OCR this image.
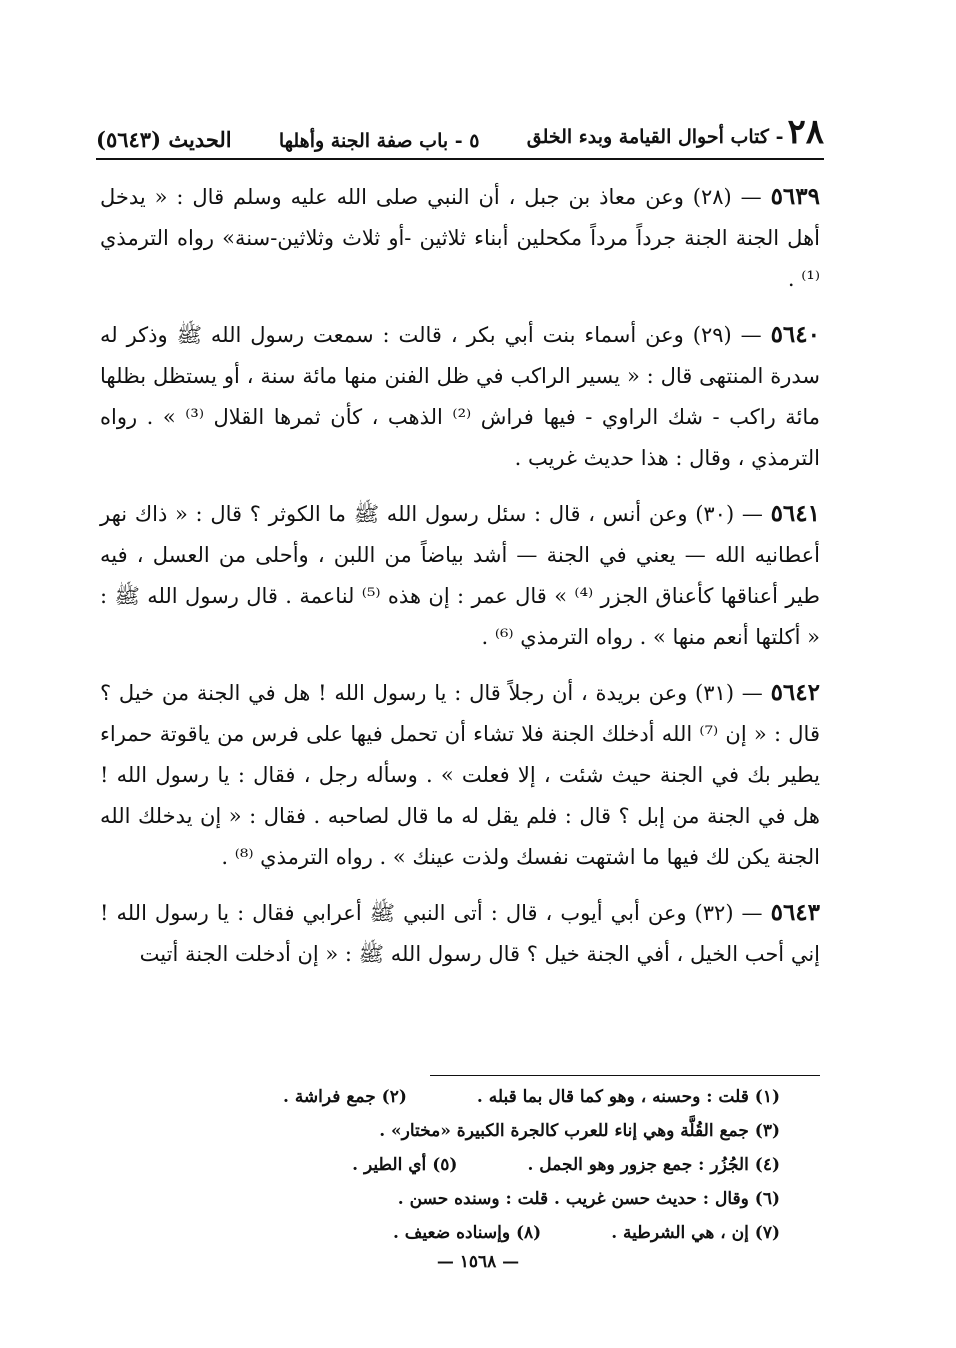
٢٨- كتاب أحوال القيامة وبدء الخلق
٥ - باب صفة الجنة وأهلها
الحديث (٥٦٤٣)

٥٦٣٩ — (٢٨) وعن معاذ بن جبل ، أن النبي صلى الله عليه وسلم قال : « يدخل أهل الجنة الجنة جرداً مرداً مكحلين أبناء ثلاثين -أو ثلاث وثلاثين-سنة» رواه الترمذي ⁽¹⁾ .

٥٦٤٠ — (٢٩) وعن أسماء بنت أبي بكر ، قالت : سمعت رسول الله ﷺ وذكر له سدرة المنتهى قال : « يسير الراكب في ظل الفنن منها مائة سنة ، أو يستظل بظلها مائة راكب - شك الراوي - فيها فراش ⁽²⁾ الذهب ، كأن ثمرها القلال ⁽³⁾ » . رواه الترمذي ، وقال : هذا حديث غريب .

٥٦٤١ — (٣٠) وعن أنس ، قال : سئل رسول الله ﷺ ما الكوثر ؟ قال : « ذاك نهر أعطانيه الله — يعني في الجنة — أشد بياضاً من اللبن ، وأحلى من العسل ، فيه طير أعناقها كأعناق الجزر ⁽⁴⁾ » قال عمر : إن هذه ⁽⁵⁾ لناعمة . قال رسول الله ﷺ : « أكلتها أنعم منها » . رواه الترمذي ⁽⁶⁾ .

٥٦٤٢ — (٣١) وعن بريدة ، أن رجلاً قال : يا رسول الله ! هل في الجنة من خيل ؟ قال : « إن ⁽⁷⁾ الله أدخلك الجنة فلا تشاء أن تحمل فيها على فرس من ياقوتة حمراء يطير بك في الجنة حيث شئت ، إلا فعلت » . وسأله رجل ، فقال : يا رسول الله ! هل في الجنة من إبل ؟ قال : فلم يقل له ما قال لصاحبه . فقال : « إن يدخلك الله الجنة يكن لك فيها ما اشتهت نفسك ولذت عينك » . رواه الترمذي ⁽⁸⁾ .

٥٦٤٣ — (٣٢) وعن أبي أيوب ، قال : أتى النبي ﷺ أعرابي فقال : يا رسول الله ! إني أحب الخيل ، أفي الجنة خيل ؟ قال رسول الله ﷺ : « إن أدخلت الجنة أتيت

(١) قلت : وحسنه ، وهو كما قال بما قبله .
(٢) جمع فراشة .
(٣) جمع القُلَّة وهي إناء للعرب كالجرة الكبيرة «مختار» .
(٤) الجُزُر : جمع جزور وهو الجمل .
(٥) أي الطير .
(٦) وقال : حديث حسن غريب . قلت : وسنده حسن .
(٧) إن ، هي الشرطية .
(٨) وإسناده ضعيف .
— ١٥٦٨ —
